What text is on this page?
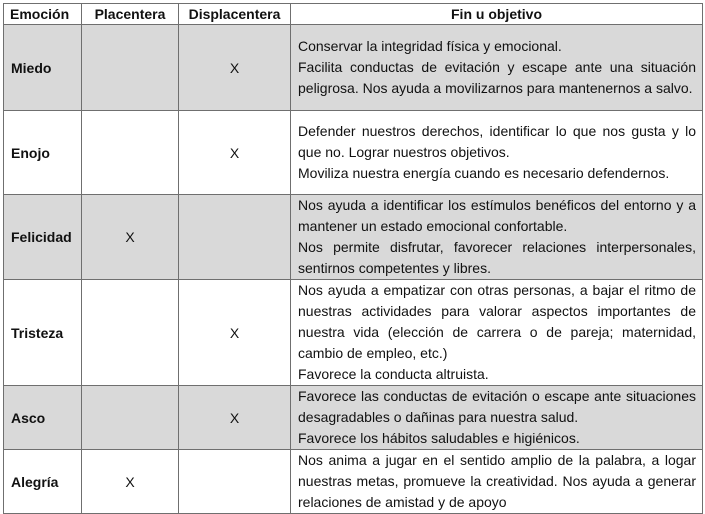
Emoción	Placentera	Displacentera	Fin u objetivo
Miedo		X	Conservar la integridad física y emocional.

Facilita conductas de evitación y escape ante una situación peligrosa. Nos ayuda a movilizarnos para mantenernos a salvo.

Enojo		X	Defender nuestros derechos, identificar lo que nos gusta y lo que no. Lograr nuestros objetivos.

Moviliza nuestra energía cuando es necesario defendernos.

Felicidad	X		Nos ayuda a identificar los estímulos benéficos del entorno y a mantener un estado emocional confortable.

Nos permite disfrutar, favorecer relaciones interpersonales, sentirnos competentes y libres.

Tristeza		X	Nos ayuda a empatizar con otras personas, a bajar el ritmo de nuestras actividades para valorar aspectos importantes de nuestra vida (elección de carrera o de pareja; maternidad, cambio de empleo, etc.)

Favorece la conducta altruista.

Asco		X	Favorece las conductas de evitación o escape ante situaciones desagradables o dañinas para nuestra salud.

Favorece los hábitos saludables e higiénicos.

Alegría	X		Nos anima a jugar en el sentido amplio de la palabra, a logar nuestras metas, promueve la creatividad. Nos ayuda a generar relaciones de amistad y de apoyo
